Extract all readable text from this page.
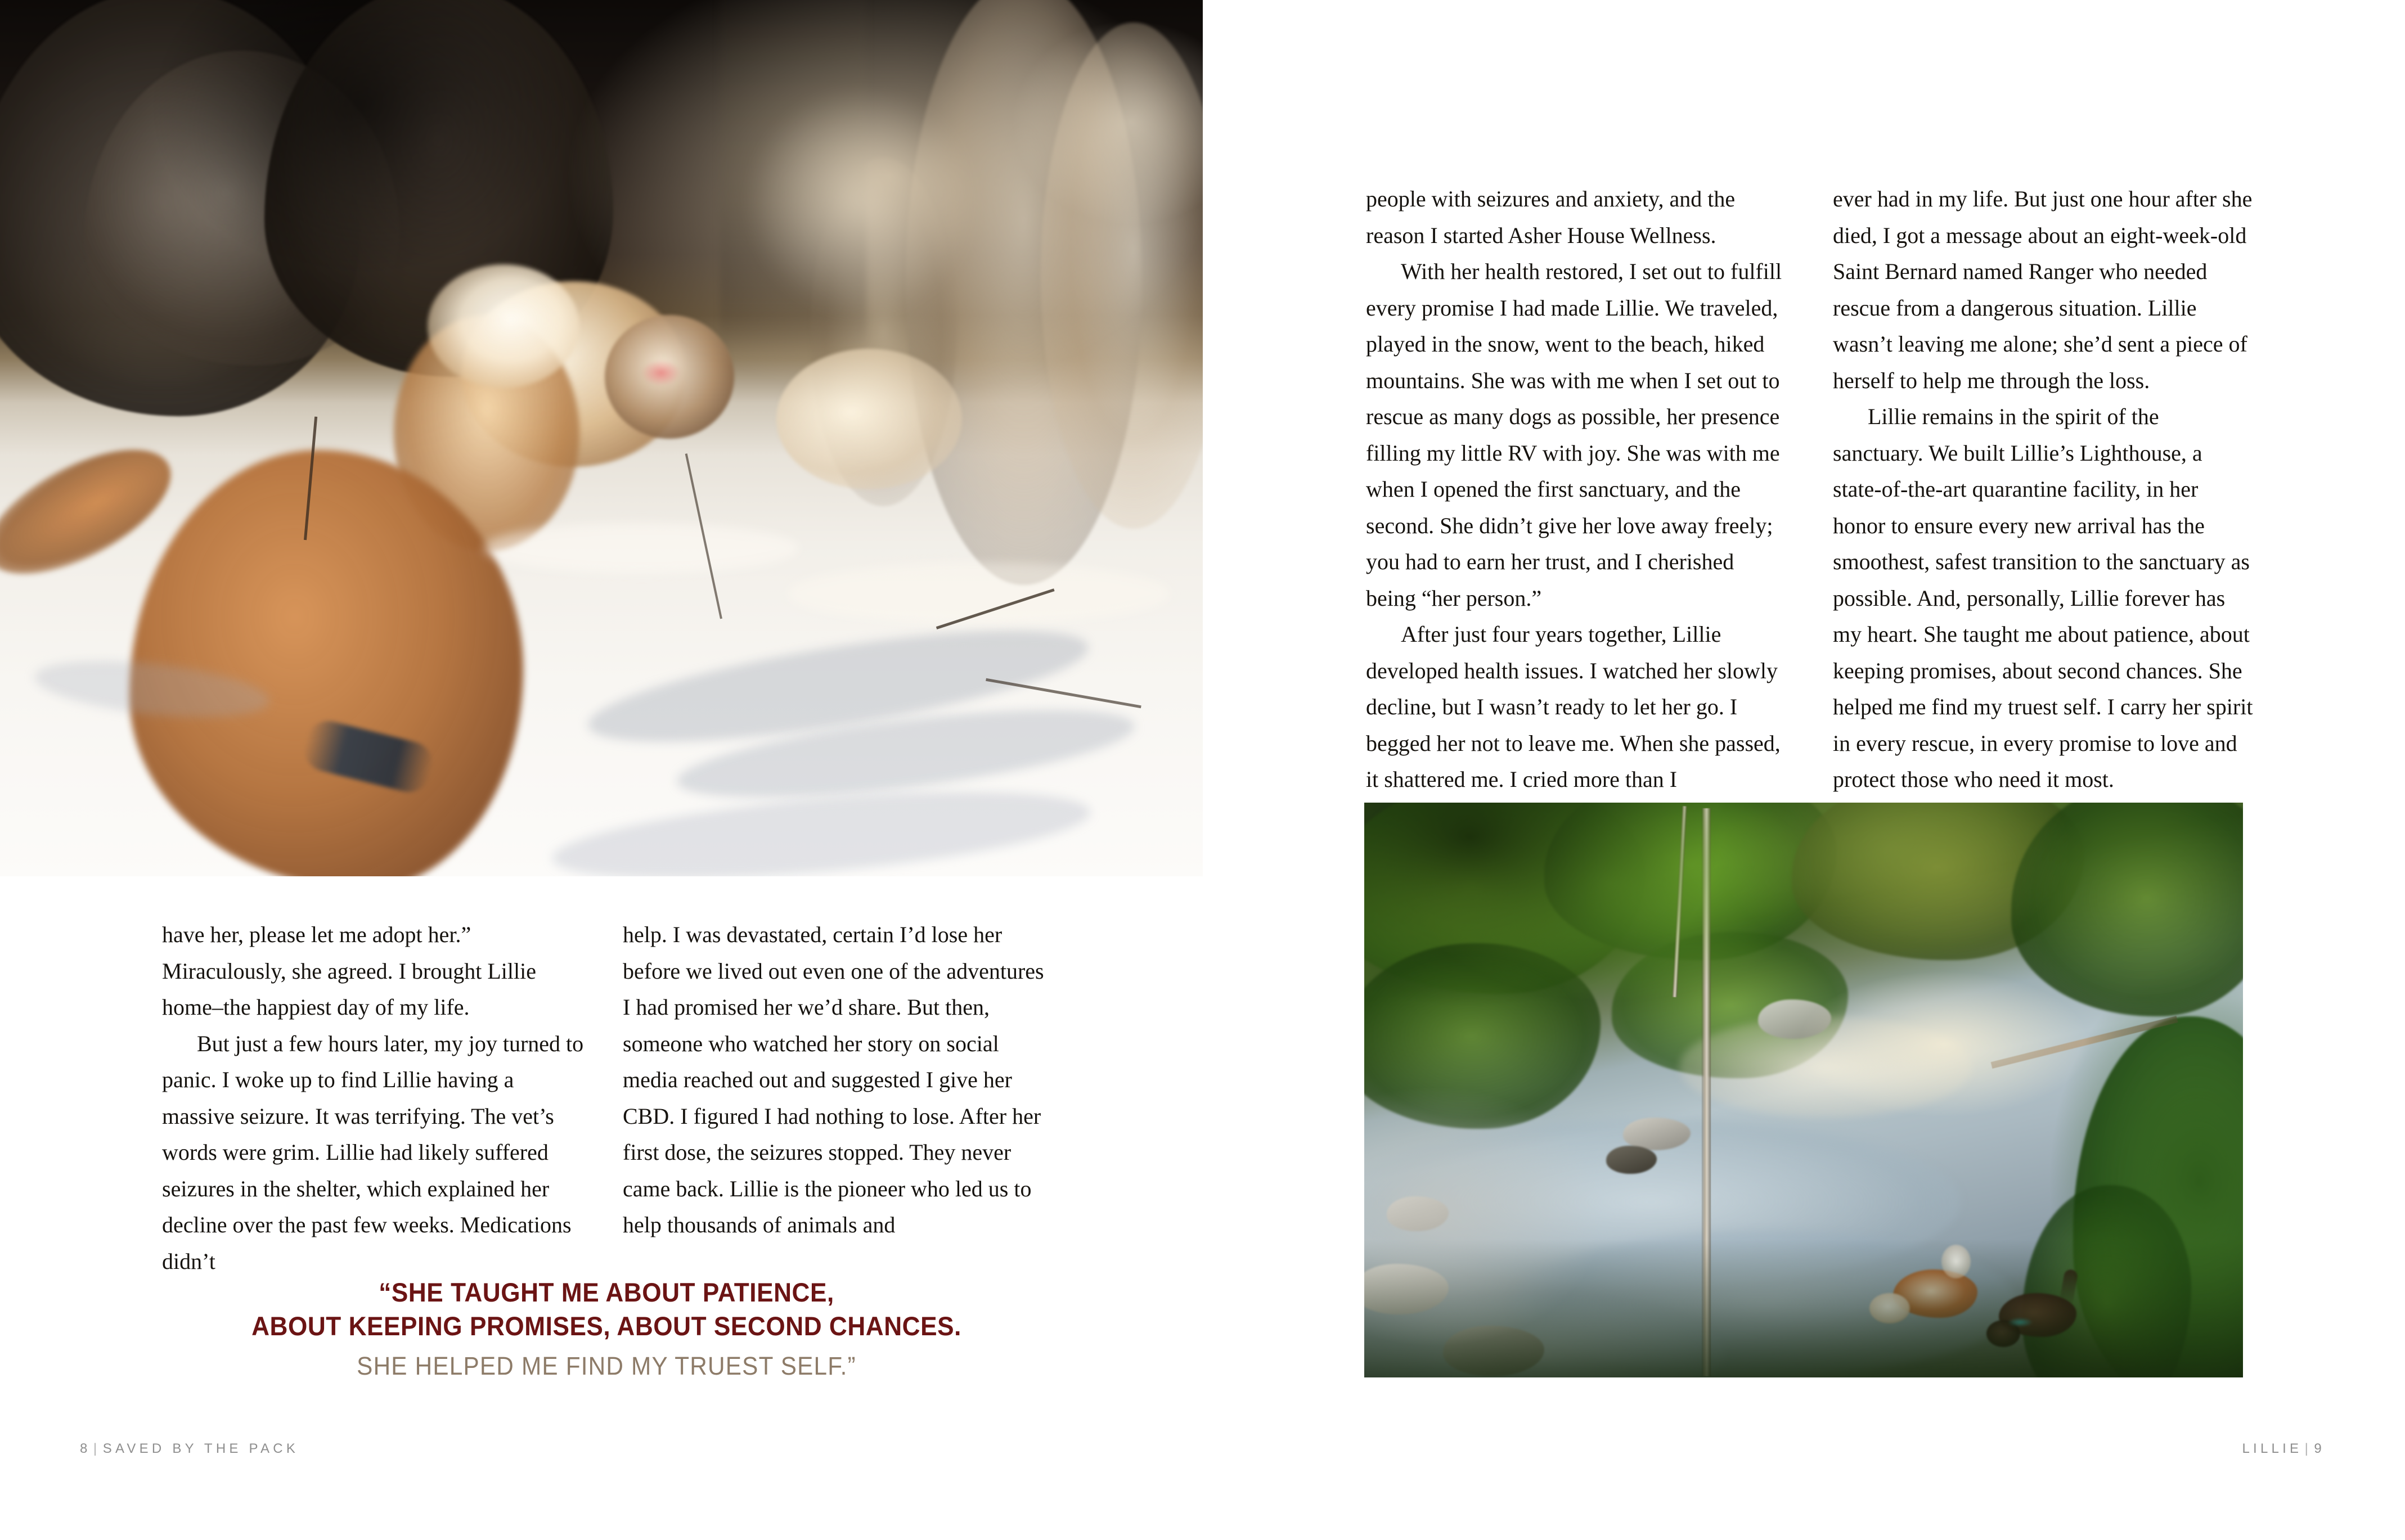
have her, please let me adopt her.” Miraculously, she agreed. I brought Lillie home–the happiest day of my life.

But just a few hours later, my joy turned to panic. I woke up to find Lillie having a massive seizure. It was terrifying. The vet’s words were grim. Lillie had likely suffered seizures in the shelter, which explained her decline over the past few weeks. Medications didn’t

help. I was devastated, certain I’d lose her before we lived out even one of the adventures I had promised her we’d share. But then, someone who watched her story on social media reached out and suggested I give her CBD. I figured I had nothing to lose. After her first dose, the seizures stopped. They never came back. Lillie is the pioneer who led us to help thousands of animals and

people with seizures and anxiety, and the reason I started Asher House Wellness.

With her health restored, I set out to fulfill every promise I had made Lillie. We traveled, played in the snow, went to the beach, hiked mountains. She was with me when I set out to rescue as many dogs as possible, her presence filling my little RV with joy. She was with me when I opened the first sanctuary, and the second. She didn’t give her love away freely; you had to earn her trust, and I cherished being “her person.”

After just four years together, Lillie developed health issues. I watched her slowly decline, but I wasn’t ready to let her go. I begged her not to leave me. When she passed, it shattered me. I cried more than I

ever had in my life. But just one hour after she died, I got a message about an eight-week-old Saint Bernard named Ranger who needed rescue from a dangerous situation. Lillie wasn’t leaving me alone; she’d sent a piece of herself to help me through the loss.

Lillie remains in the spirit of the sanctuary. We built Lillie’s Lighthouse, a state-of-the-art quarantine facility, in her honor to ensure every new arrival has the smoothest, safest transition to the sanctuary as possible. And, personally, Lillie forever has my heart. She taught me about patience, about keeping promises, about second chances. She helped me find my truest self. I carry her spirit in every rescue, in every promise to love and protect those who need it most.

“SHE TAUGHT ME ABOUT PATIENCE,
ABOUT KEEPING PROMISES, ABOUT SECOND CHANCES.
SHE HELPED ME FIND MY TRUEST SELF.”
8 | SAVED BY THE PACK	LILLIE | 9
